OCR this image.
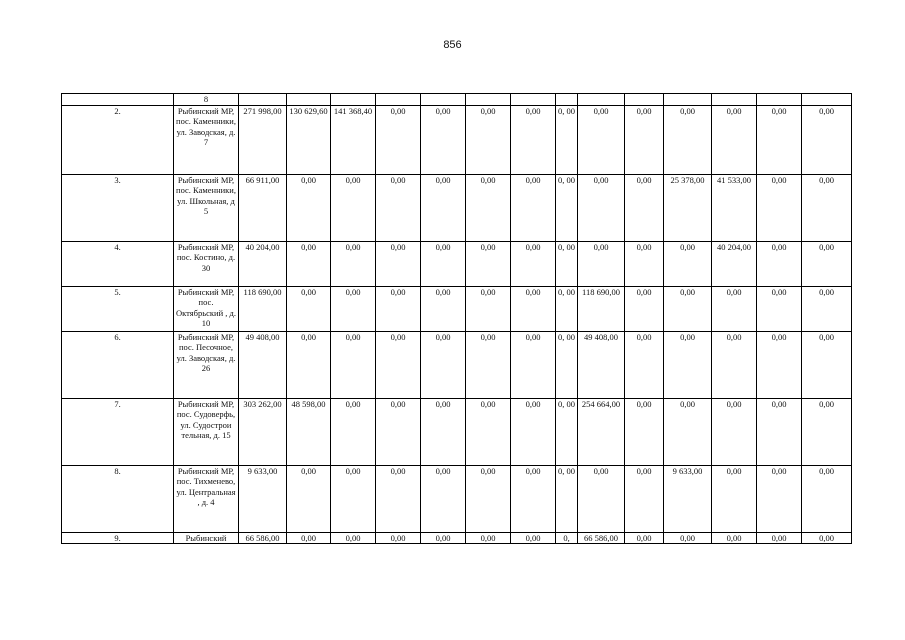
856
	8														
2.	Рыбинский МР, пос. Каменники, ул. Заводская, д. 7	271 998,00	130 629,60	141 368,40	0,00	0,00	0,00	0,00	0, 00	0,00	0,00	0,00	0,00	0,00	0,00
3.	Рыбинский МР, пос. Каменники, ул. Школьная, д 5	66 911,00	0,00	0,00	0,00	0,00	0,00	0,00	0, 00	0,00	0,00	25 378,00	41 533,00	0,00	0,00
4.	Рыбинский МР, пос. Костино, д. 30	40 204,00	0,00	0,00	0,00	0,00	0,00	0,00	0, 00	0,00	0,00	0,00	40 204,00	0,00	0,00
5.	Рыбинский МР, пос. Октябрьский , д. 10	118 690,00	0,00	0,00	0,00	0,00	0,00	0,00	0, 00	118 690,00	0,00	0,00	0,00	0,00	0,00
6.	Рыбинский МР, пос. Песочное, ул. Заводская, д. 26	49 408,00	0,00	0,00	0,00	0,00	0,00	0,00	0, 00	49 408,00	0,00	0,00	0,00	0,00	0,00
7.	Рыбинский МР, пос. Судоверфь, ул. Судострои тельная, д. 15	303 262,00	48 598,00	0,00	0,00	0,00	0,00	0,00	0, 00	254 664,00	0,00	0,00	0,00	0,00	0,00
8.	Рыбинский МР, пос. Тихменево, ул. Центральная , д. 4	9 633,00	0,00	0,00	0,00	0,00	0,00	0,00	0, 00	0,00	0,00	9 633,00	0,00	0,00	0,00
9.	Рыбинский	66 586,00	0,00	0,00	0,00	0,00	0,00	0,00	0,	66 586,00	0,00	0,00	0,00	0,00	0,00
